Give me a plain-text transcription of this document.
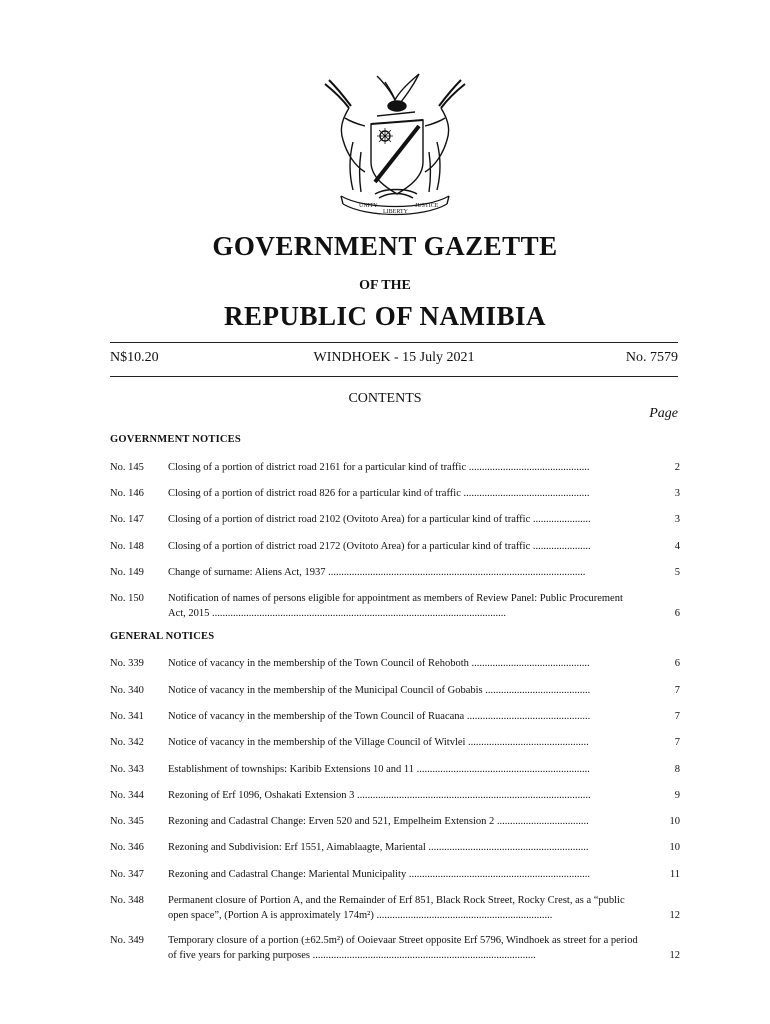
UNITY
LIBERTY
JUSTICE
GOVERNMENT GAZETTE
OF THE
REPUBLIC OF NAMIBIA
N$10.20	WINDHOEK - 15 July 2021	No. 7579
CONTENTS
Page
GOVERNMENT NOTICES
No. 145	Closing of a portion of district road 2161 for a particular kind of traffic ..............................................	2
No. 146	Closing of a portion of district road 826 for a particular kind of traffic ................................................	3
No. 147	Closing of a portion of district road 2102 (Ovitoto Area) for a particular kind of traffic ......................	3
No. 148	Closing of a portion of district road 2172 (Ovitoto Area) for a particular kind of traffic ......................	4
No. 149	Change of surname: Aliens Act, 1937 ..................................................................................................	5
No. 150	Notification of names of persons eligible for appointment as members of Review Panel: Public Procurement Act, 2015 ................................................................................................................	6
GENERAL NOTICES
No. 339	Notice of vacancy in the membership of the Town Council of Rehoboth .............................................	6
No. 340	Notice of vacancy in the membership of the Municipal Council of Gobabis ........................................	7
No. 341	Notice of vacancy in the membership of the Town Council of Ruacana ...............................................	7
No. 342	Notice of vacancy in the membership of the Village Council of Witvlei ..............................................	7
No. 343	Establishment of townships: Karibib Extensions 10 and 11 ..................................................................	8
No. 344	Rezoning of Erf 1096, Oshakati Extension 3 .........................................................................................	9
No. 345	Rezoning and Cadastral Change: Erven 520 and 521, Empelheim Extension 2 ...................................	10
No. 346	Rezoning and Subdivision: Erf 1551, Aimablaagte, Mariental .............................................................	10
No. 347	Rezoning and Cadastral Change: Mariental Municipality .....................................................................	11
No. 348	Permanent closure of Portion A, and the Remainder of Erf 851, Black Rock Street, Rocky Crest, as a “public open space”, (Portion A is approximately 174m²) ...................................................................	12
No. 349	Temporary closure of a portion (±62.5m²) of Ooievaar Street opposite Erf 5796, Windhoek as street for a period of five years for parking purposes .....................................................................................	12
